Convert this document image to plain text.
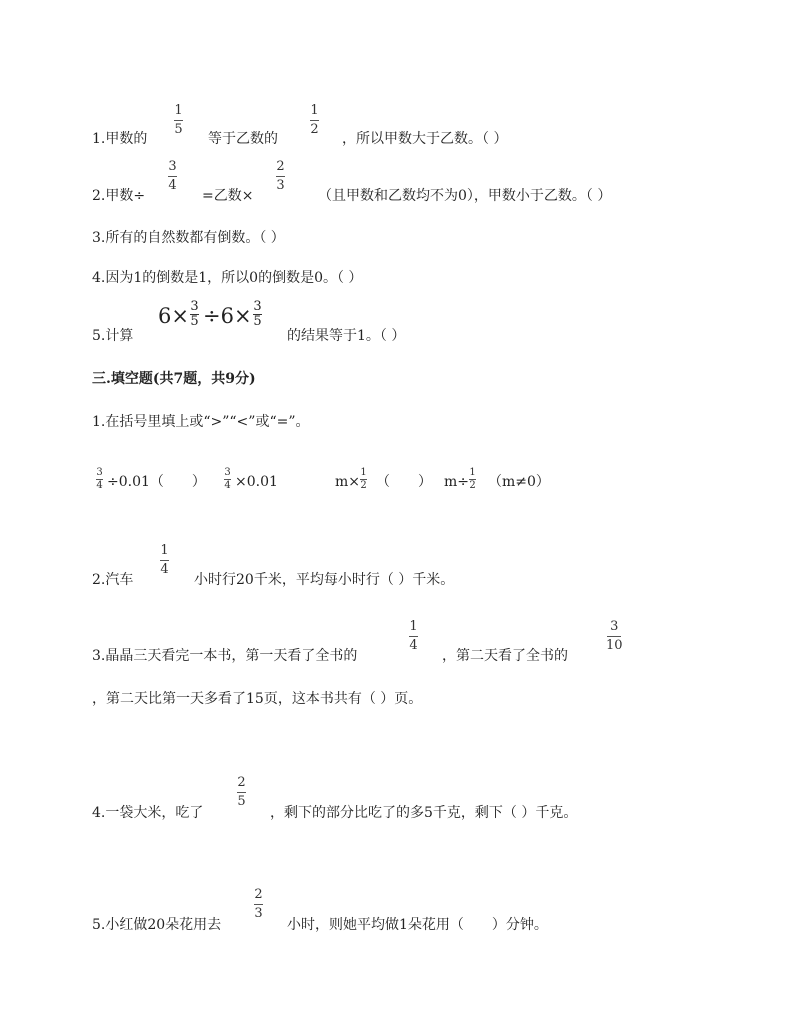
1.甲数的
1
5
等于乙数的
1
2
，所以甲数大于乙数。（ ）
2.甲数÷
3
4
=乙数×
2
3
（且甲数和乙数均不为0），甲数小于乙数。（ ）
3.所有的自然数都有倒数。（ ）
4.因为1的倒数是1，所以0的倒数是0。（ ）
5.计算
6× 3
5 ÷6× 3
5
的结果等于1。（ ）
三.填空题(共7题，共9分)
1.在括号里填上或“>”“<”或“=”。
3
4 ÷0.01（　　）
3
4 ×0.01	m×
1
2 （　　） m÷
1
2 （m≠0）
2.汽车
1
4
小时行20千米，平均每小时行（ ）千米。
3.晶晶三天看完一本书，第一天看了全书的
1
4
，第二天看了全书的
3
10
，第二天比第一天多看了15页，这本书共有（ ）页。
4.一袋大米，吃了
2
5
，剩下的部分比吃了的多5千克，剩下（ ）千克。
5.小红做20朵花用去
2
3
小时，则她平均做1朵花用（　　）分钟。
